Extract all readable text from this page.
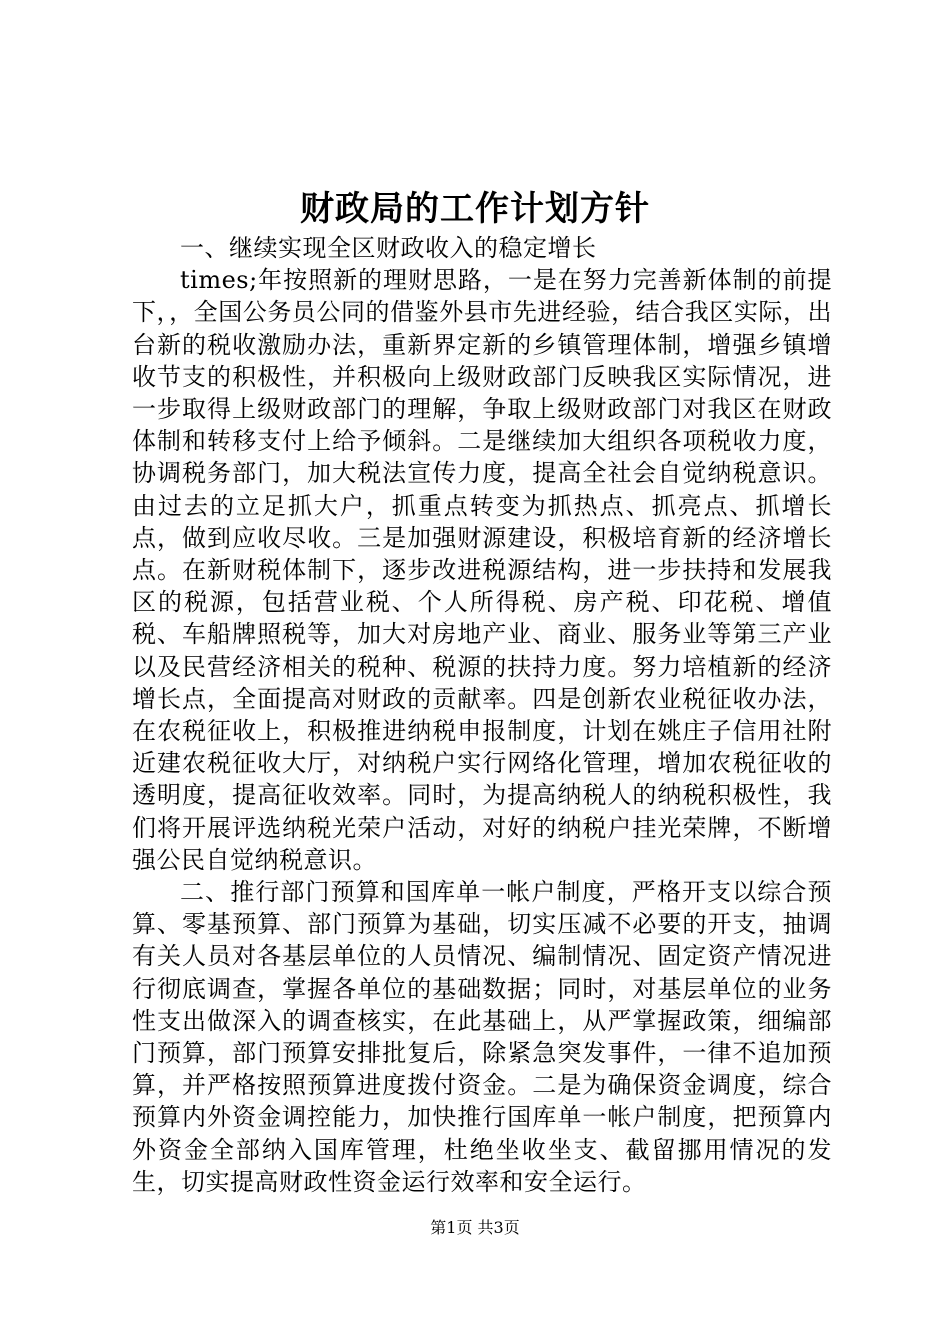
财政局的工作计划方针

一、继续实现全区财政收入的稳定增长

times;年按照新的理财思路，一是在努力完善新体制的前提下，，全国公务员公同的借鉴外县市先进经验，结合我区实际，出台新的税收激励办法，重新界定新的乡镇管理体制，增强乡镇增收节支的积极性，并积极向上级财政部门反映我区实际情况，进一步取得上级财政部门的理解，争取上级财政部门对我区在财政体制和转移支付上给予倾斜。二是继续加大组织各项税收力度，协调税务部门，加大税法宣传力度，提高全社会自觉纳税意识。由过去的立足抓大户，抓重点转变为抓热点、抓亮点、抓增长点，做到应收尽收。三是加强财源建设，积极培育新的经济增长点。在新财税体制下，逐步改进税源结构，进一步扶持和发展我区的税源，包括营业税、个人所得税、房产税、印花税、增值税、车船牌照税等，加大对房地产业、商业、服务业等第三产业以及民营经济相关的税种、税源的扶持力度。努力培植新的经济增长点，全面提高对财政的贡献率。四是创新农业税征收办法，在农税征收上，积极推进纳税申报制度，计划在姚庄子信用社附近建农税征收大厅，对纳税户实行网络化管理，增加农税征收的透明度，提高征收效率。同时，为提高纳税人的纳税积极性，我们将开展评选纳税光荣户活动，对好的纳税户挂光荣牌，不断增强公民自觉纳税意识。

二、推行部门预算和国库单一帐户制度，严格开支以综合预算、零基预算、部门预算为基础，切实压减不必要的开支，抽调有关人员对各基层单位的人员情况、编制情况、固定资产情况进行彻底调查，掌握各单位的基础数据；同时，对基层单位的业务性支出做深入的调查核实，在此基础上，从严掌握政策，细编部门预算，部门预算安排批复后，除紧急突发事件，一律不追加预算，并严格按照预算进度拨付资金。二是为确保资金调度，综合预算内外资金调控能力，加快推行国库单一帐户制度，把预算内外资金全部纳入国库管理，杜绝坐收坐支、截留挪用情况的发生，切实提高财政性资金运行效率和安全运行。

第1页 共3页
